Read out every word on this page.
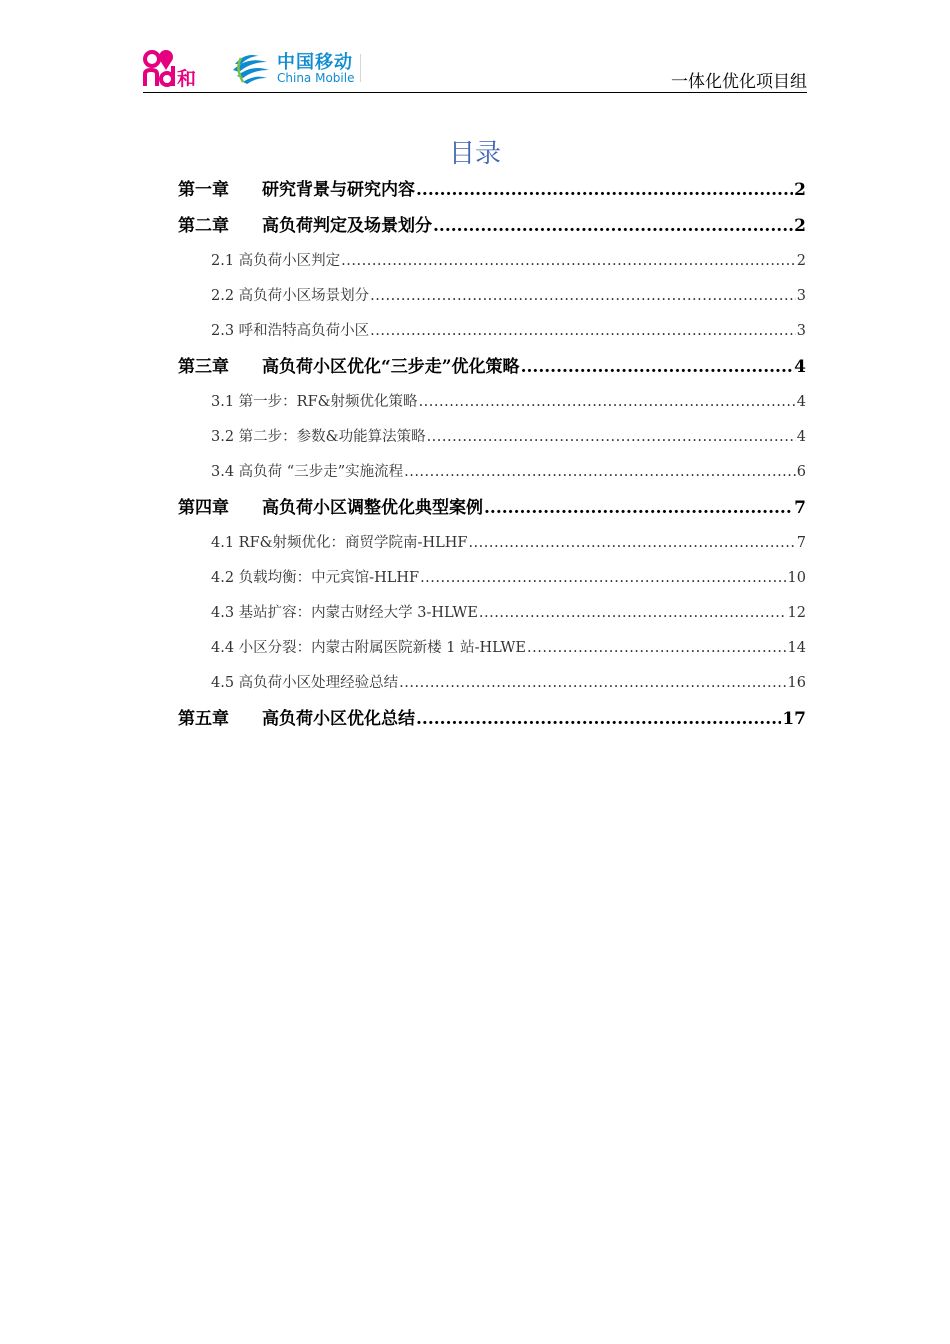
和
中国移动
China Mobile	一体化优化项目组
目录
第一章	研究背景与研究内容 .....	2
第二章	高负荷判定及场景划分 .....	2
2.1 高负荷小区判定 .....	2
2.2 高负荷小区场景划分 .....	3
2.3 呼和浩特高负荷小区 .....	3
第三章	高负荷小区优化“三步走”优化策略 .....	4
3.1 第一步：RF&射频优化策略 .....	4
3.2 第二步：参数&功能算法策略 .....	4
3.4 高负荷 “三步走”实施流程 .....	6
第四章	高负荷小区调整优化典型案例 .....	7
4.1 RF&射频优化：商贸学院南-HLHF .....	7
4.2 负载均衡：中元宾馆-HLHF .....	10
4.3 基站扩容：内蒙古财经大学 3-HLWE .....	12
4.4 小区分裂：内蒙古附属医院新楼 1 站-HLWE .....	14
4.5 高负荷小区处理经验总结 .....	16
第五章	高负荷小区优化总结 .....	17
